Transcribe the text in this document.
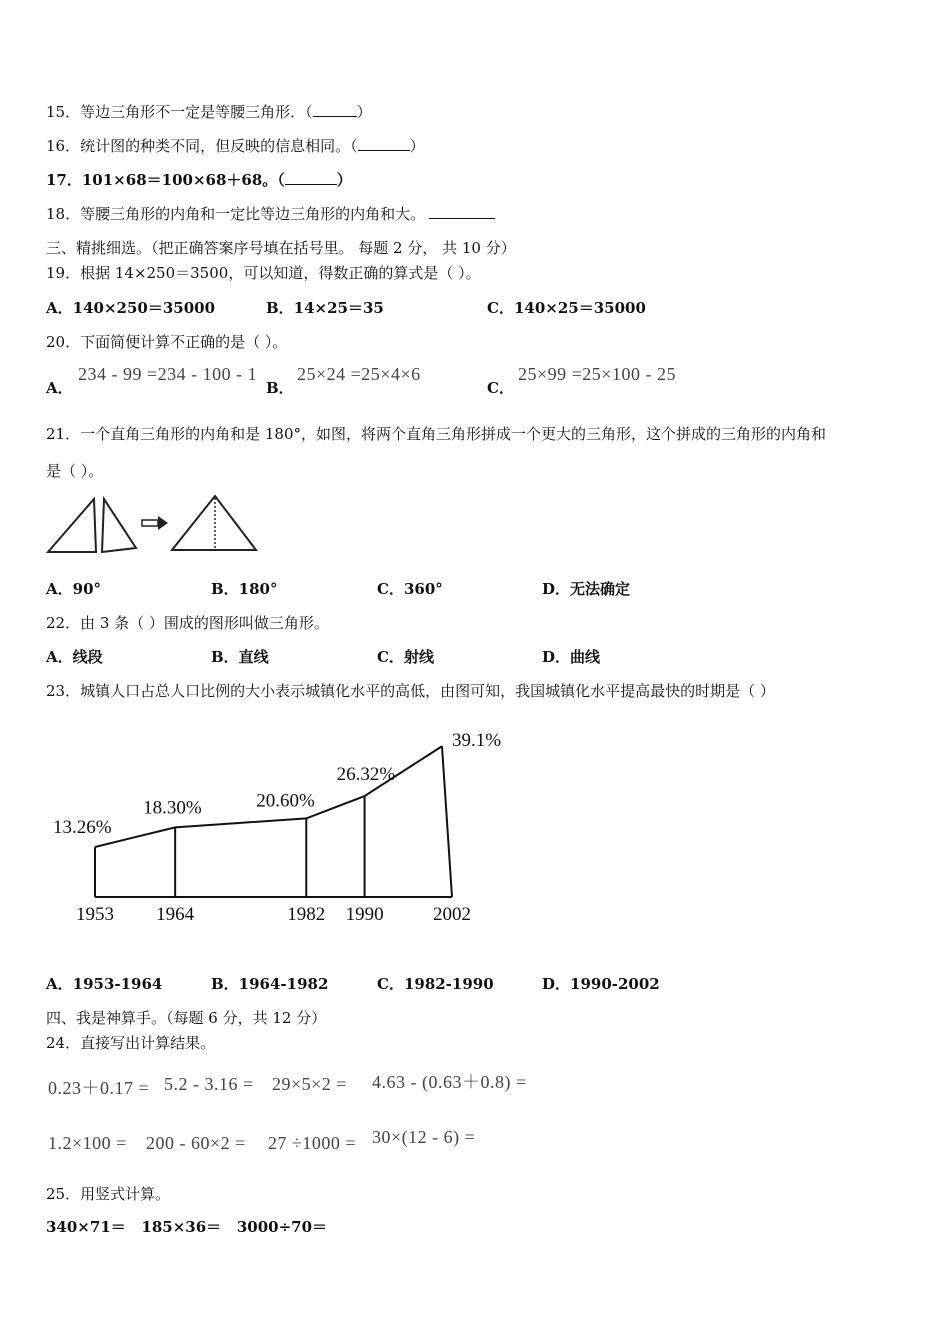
15．等边三角形不一定是等腰三角形．（	）
16．统计图的种类不同，但反映的信息相同。（	）
17．101×68＝100×68＋68。（	）
18．等腰三角形的内角和一定比等边三角形的内角和大。
三、精挑细选。（把正确答案序号填在括号里。 每题 2 分， 共 10 分）
19．根据 14×250＝3500，可以知道，得数正确的算式是（ ）。
A．140×250＝35000	B．14×25＝35	C．140×25＝35000
20．下面简便计算不正确的是（ ）。
A．
234 - 99 =234 - 100 - 1
B．
25×24 =25×4×6
C．
25×99 =25×100 - 25
21．一个直角三角形的内角和是 180°，如图，将两个直角三角形拼成一个更大的三角形，这个拼成的三角形的内角和
是（ ）。
A．90°	B．180°	C．360°	D．无法确定
22．由 3 条（ ）围成的图形叫做三角形。
A．线段	B．直线	C．射线	D．曲线
23．城镇人口占总人口比例的大小表示城镇化水平的高低，由图可知，我国城镇化水平提高最快的时期是（ ）
13.26%
18.30%	20.60%
26.32%
39.1%
1953 1964	1982 1990	2002
A．1953-1964	B．1964-1982	C．1982-1990	D．1990-2002
四、我是神算手。（每题 6 分，共 12 分）
24．直接写出计算结果。
0.23＋0.17 = 5.2 - 3.16 = 29×5×2 = 4.63 - (0.63＋0.8) =
1.2×100 = 200 - 60×2 = 27 ÷1000 = 30×(12 - 6) =
25．用竖式计算。
340×71＝   185×36＝   3000÷70＝
